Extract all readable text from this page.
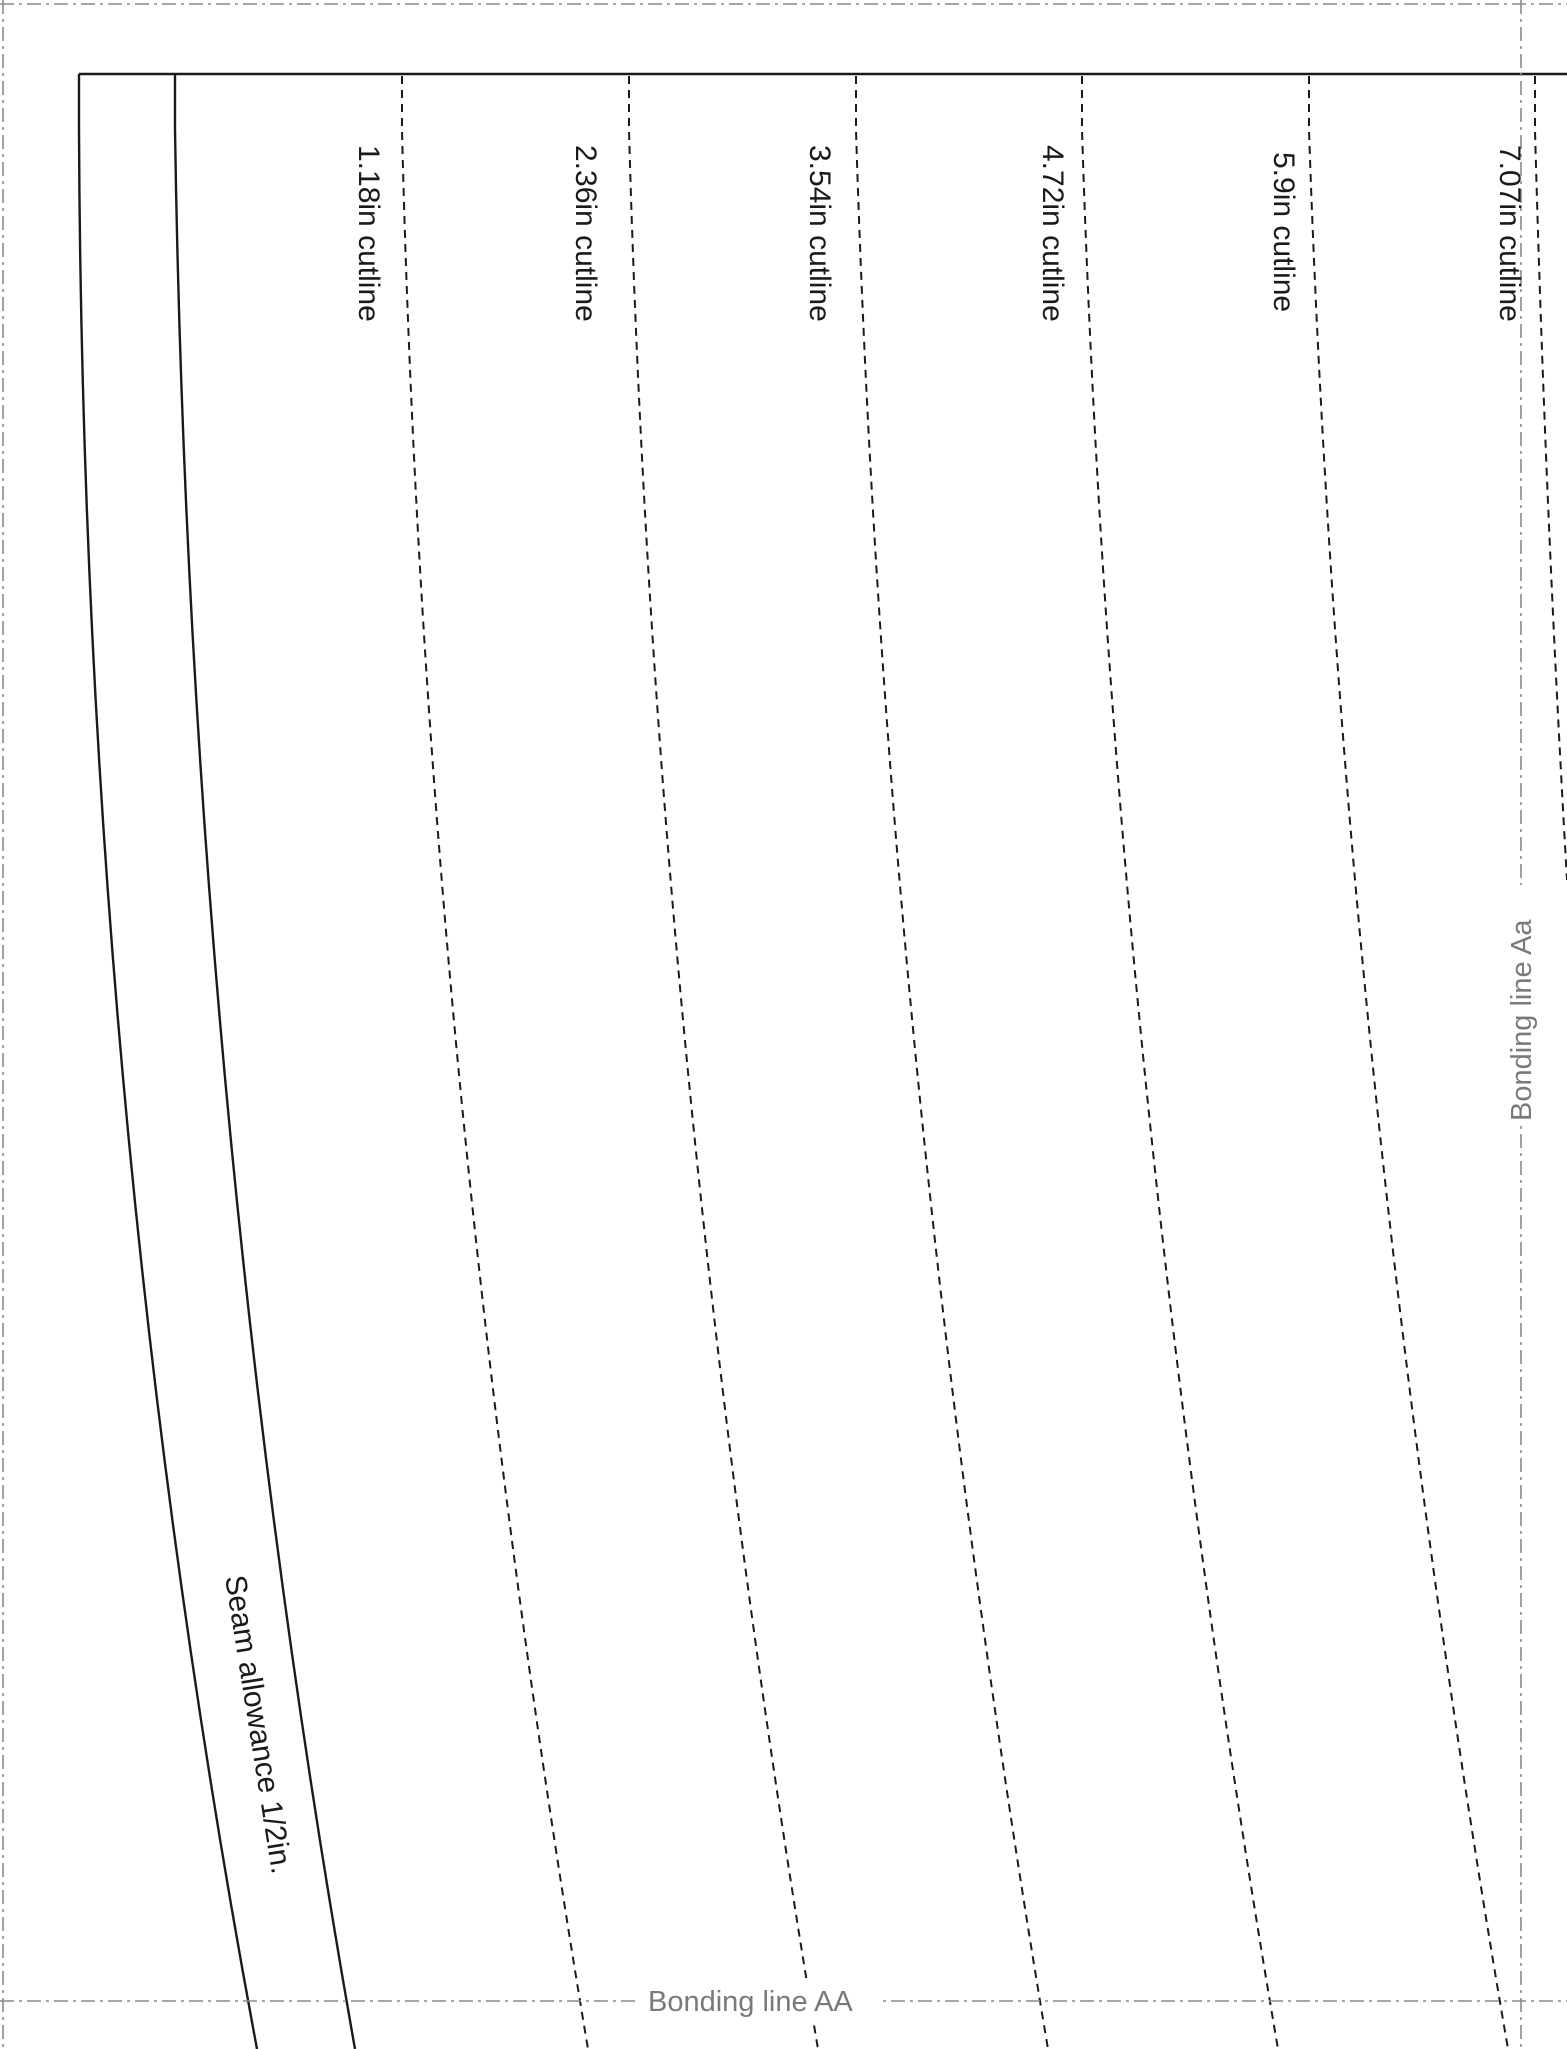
1.18in cutline	2.36in cutline	3.54in cutline	4.72in cutline	5.9in cutline	7.07in cutline
Seam allowance 1/2in.
Bonding line Aa
Bonding line AA
